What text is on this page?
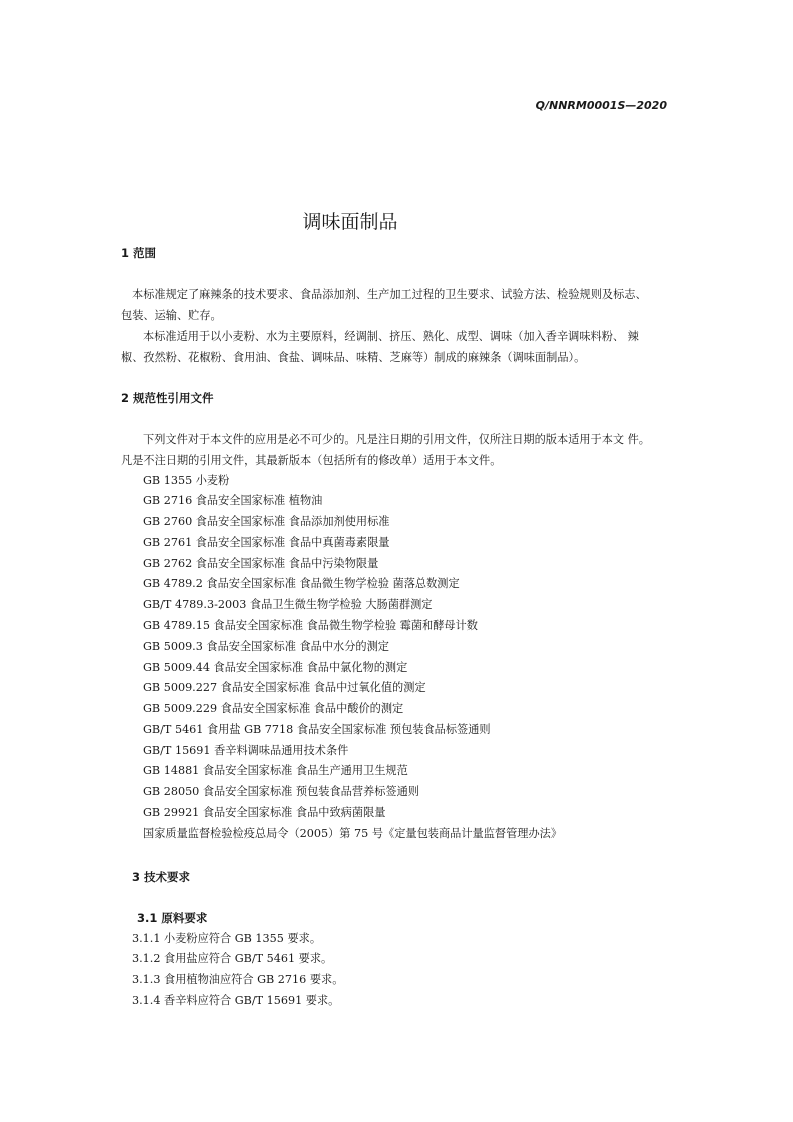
Q/NNRM0001S—2020
调味面制品
1 范围
本标准规定了麻辣条的技术要求、食品添加剂、生产加工过程的卫生要求、试验方法、检验规则及标志、
包装、运输、贮存。
本标准适用于以小麦粉、水为主要原料，经调制、挤压、熟化、成型、调味（加入香辛调味料粉、 辣
椒、孜然粉、花椒粉、食用油、食盐、调味品、味精、芝麻等）制成的麻辣条（调味面制品）。
2 规范性引用文件
下列文件对于本文件的应用是必不可少的。凡是注日期的引用文件，仅所注日期的版本适用于本文 件。
凡是不注日期的引用文件，其最新版本（包括所有的修改单）适用于本文件。
GB 1355 小麦粉
GB 2716 食品安全国家标准 植物油
GB 2760 食品安全国家标准 食品添加剂使用标准
GB 2761 食品安全国家标准 食品中真菌毒素限量
GB 2762 食品安全国家标准 食品中污染物限量
GB 4789.2 食品安全国家标准 食品微生物学检验 菌落总数测定
GB/T 4789.3-2003 食品卫生微生物学检验 大肠菌群测定
GB 4789.15 食品安全国家标准 食品微生物学检验 霉菌和酵母计数
GB 5009.3 食品安全国家标准 食品中水分的测定
GB 5009.44 食品安全国家标准 食品中氯化物的测定
GB 5009.227 食品安全国家标准 食品中过氧化值的测定
GB 5009.229 食品安全国家标准 食品中酸价的测定
GB/T 5461 食用盐 GB 7718 食品安全国家标准 预包装食品标签通则
GB/T 15691 香辛料调味品通用技术条件
GB 14881 食品安全国家标准 食品生产通用卫生规范
GB 28050 食品安全国家标准 预包装食品营养标签通则
GB 29921 食品安全国家标准 食品中致病菌限量
国家质量监督检验检疫总局令（2005）第 75 号《定量包装商品计量监督管理办法》
3 技术要求
3.1 原料要求
3.1.1 小麦粉应符合 GB 1355 要求。
3.1.2 食用盐应符合 GB/T 5461 要求。
3.1.3 食用植物油应符合 GB 2716 要求。
3.1.4 香辛料应符合 GB/T 15691 要求。
